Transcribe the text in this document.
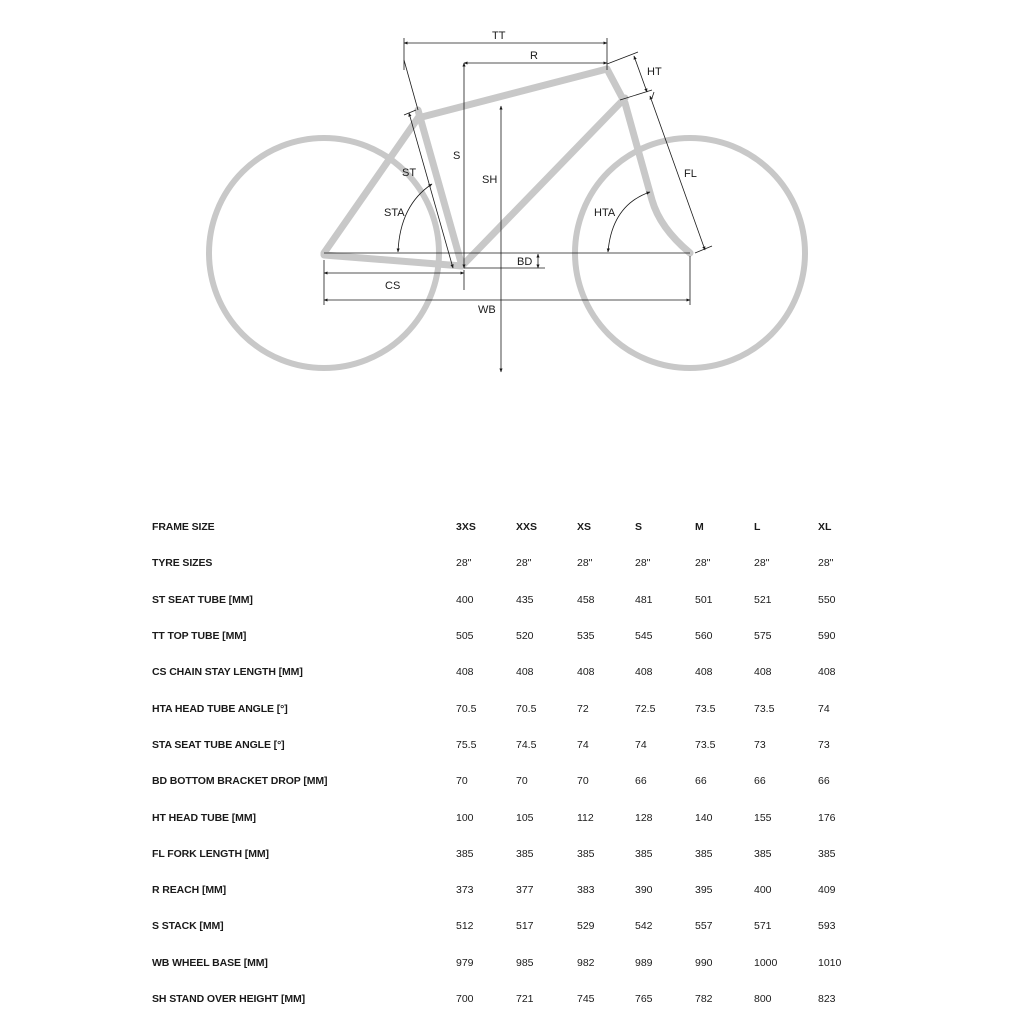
TT
R
HT
S
SH
ST
STA
FL
HTA
BD
CS
WB
FRAME SIZE	3XS	XXS	XS	S	M	L	XL
TYRE SIZES	28"	28"	28"	28"	28"	28"	28"
ST SEAT TUBE [MM]	400	435	458	481	501	521	550
TT TOP TUBE [MM]	505	520	535	545	560	575	590
CS CHAIN STAY LENGTH [MM]	408	408	408	408	408	408	408
HTA HEAD TUBE ANGLE [°]	70.5	70.5	72	72.5	73.5	73.5	74
STA SEAT TUBE ANGLE [°]	75.5	74.5	74	74	73.5	73	73
BD BOTTOM BRACKET DROP [MM]	70	70	70	66	66	66	66
HT HEAD TUBE [MM]	100	105	112	128	140	155	176
FL FORK LENGTH [MM]	385	385	385	385	385	385	385
R REACH [MM]	373	377	383	390	395	400	409
S STACK [MM]	512	517	529	542	557	571	593
WB WHEEL BASE [MM]	979	985	982	989	990	1000	1010
SH STAND OVER HEIGHT [MM]	700	721	745	765	782	800	823
